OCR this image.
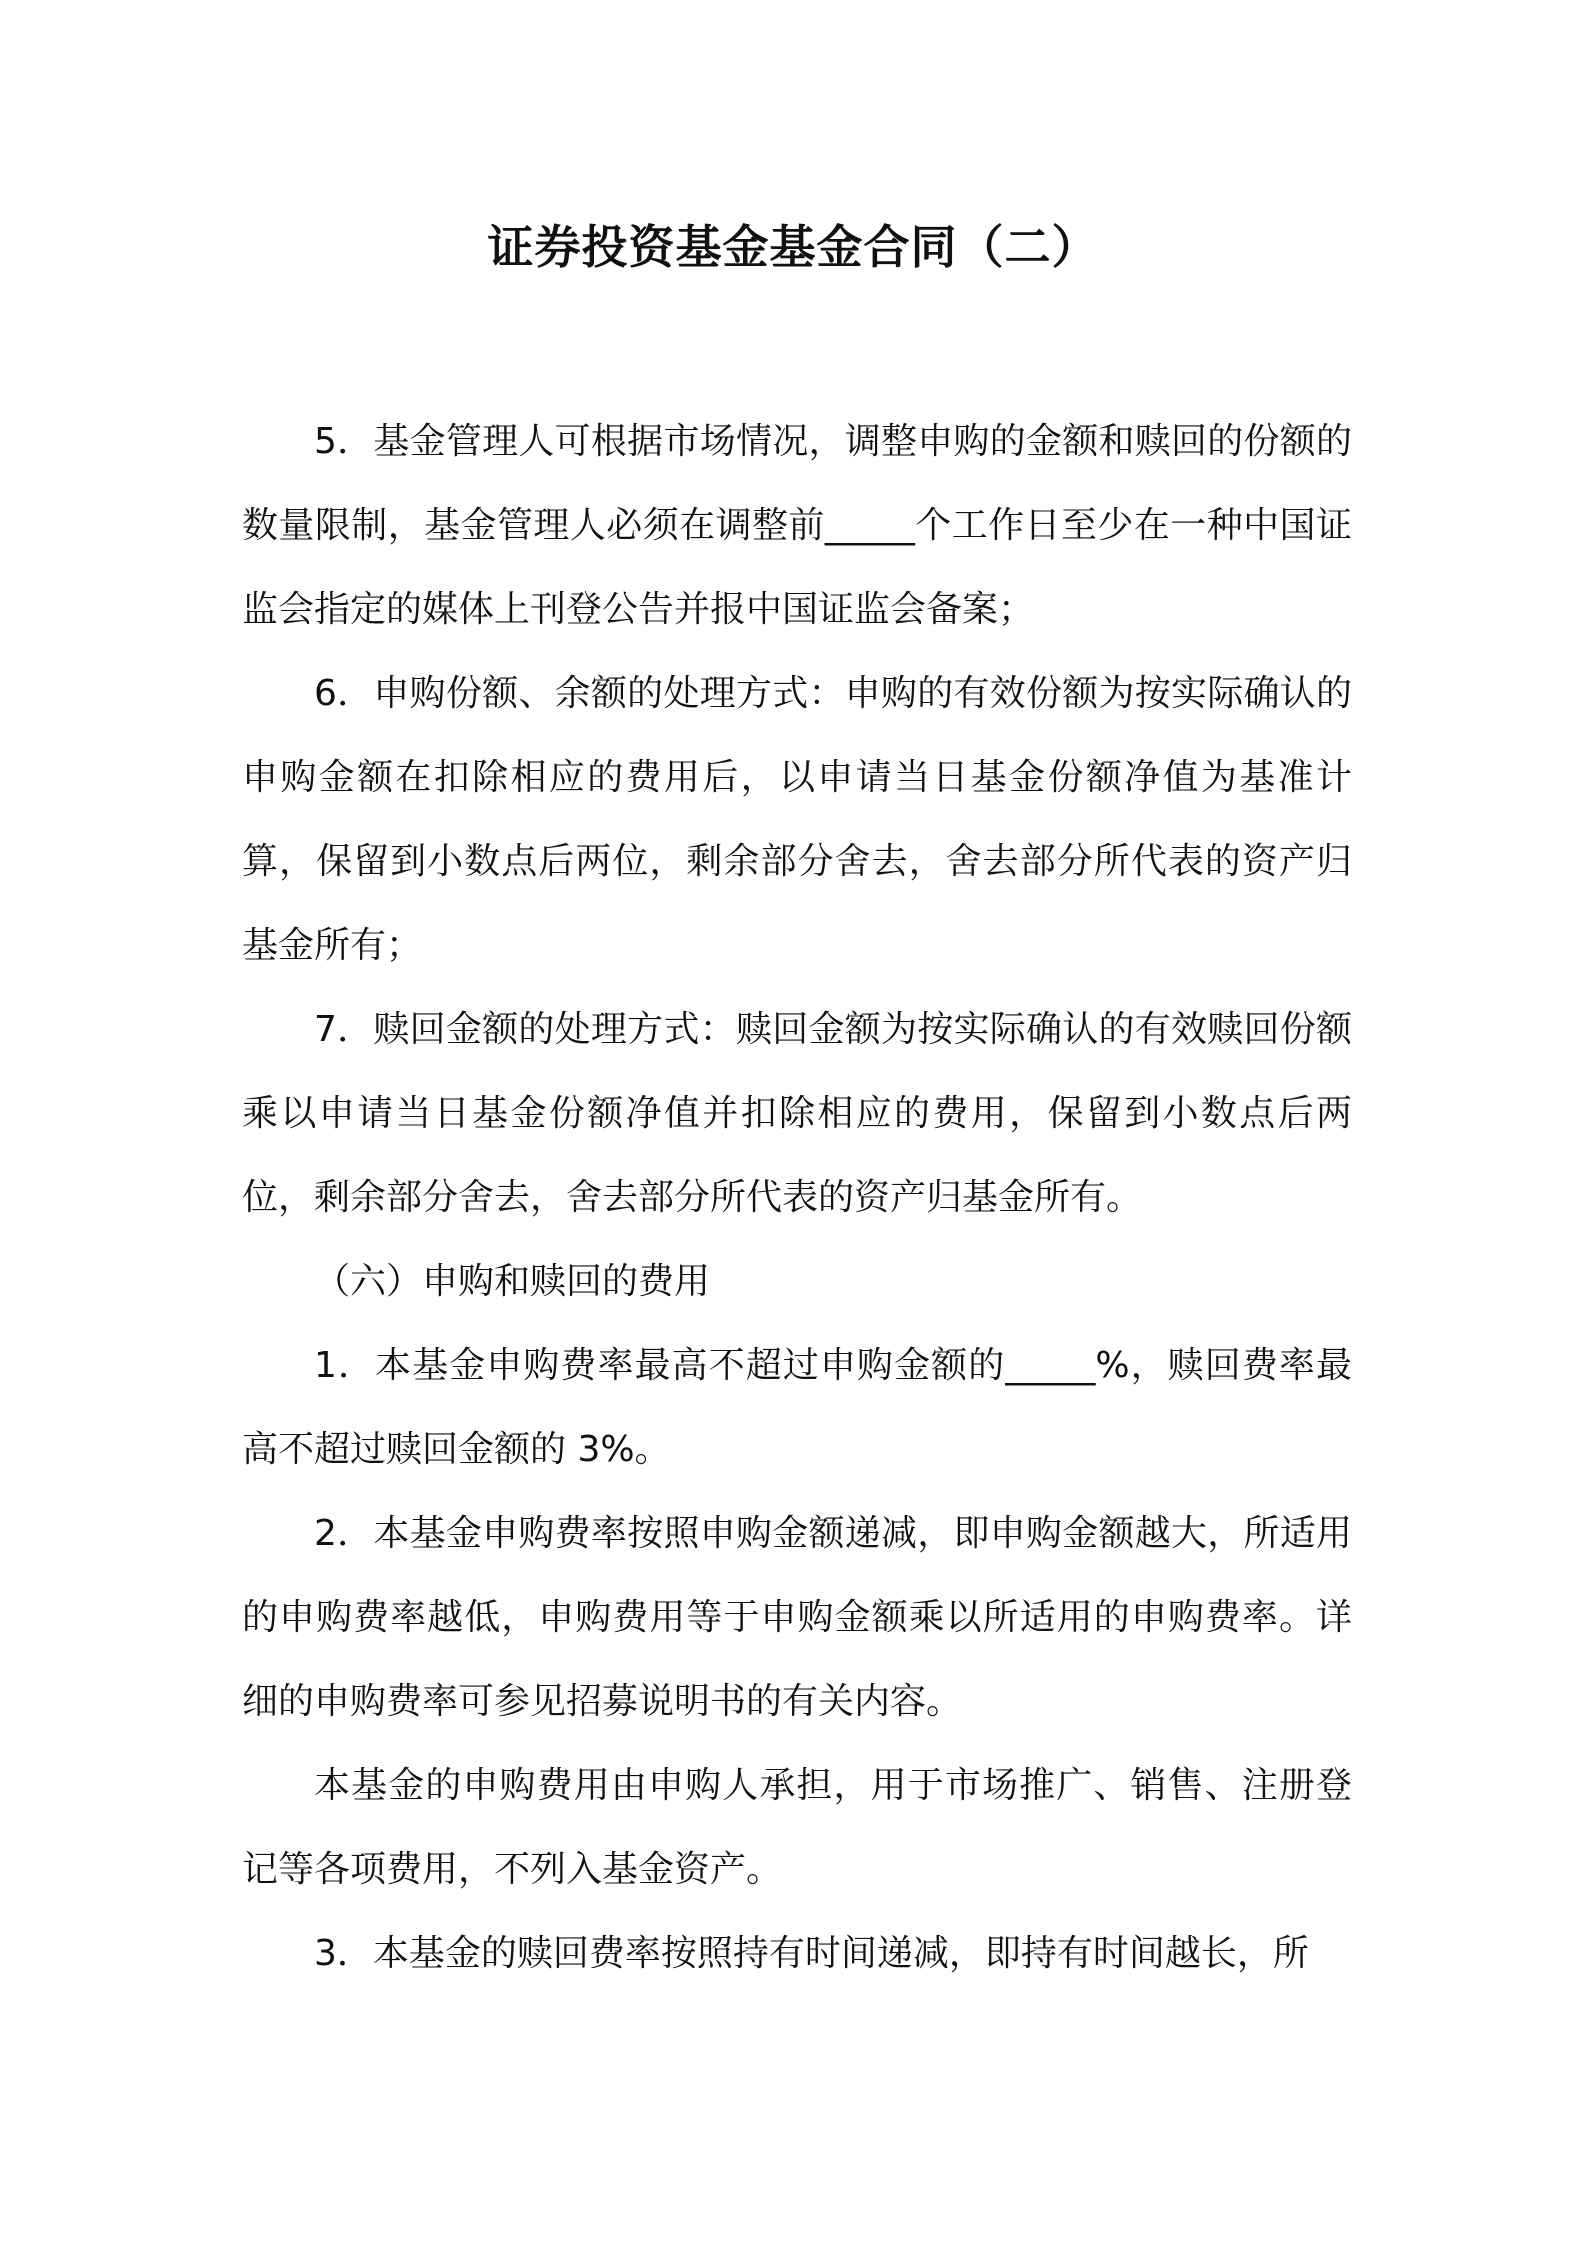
证券投资基金基金合同（二）

5．基金管理人可根据市场情况，调整申购的金额和赎回的份额的数量限制，基金管理人必须在调整前_____个工作日至少在一种中国证监会指定的媒体上刊登公告并报中国证监会备案；

6．申购份额、余额的处理方式：申购的有效份额为按实际确认的申购金额在扣除相应的费用后，以申请当日基金份额净值为基准计算，保留到小数点后两位，剩余部分舍去，舍去部分所代表的资产归基金所有；

7．赎回金额的处理方式：赎回金额为按实际确认的有效赎回份额乘以申请当日基金份额净值并扣除相应的费用，保留到小数点后两位，剩余部分舍去，舍去部分所代表的资产归基金所有。

（六）申购和赎回的费用

1．本基金申购费率最高不超过申购金额的_____%，赎回费率最高不超过赎回金额的 3%。

2．本基金申购费率按照申购金额递减，即申购金额越大，所适用的申购费率越低，申购费用等于申购金额乘以所适用的申购费率。详细的申购费率可参见招募说明书的有关内容。

本基金的申购费用由申购人承担，用于市场推广、销售、注册登记等各项费用，不列入基金资产。

3．本基金的赎回费率按照持有时间递减，即持有时间越长，所
